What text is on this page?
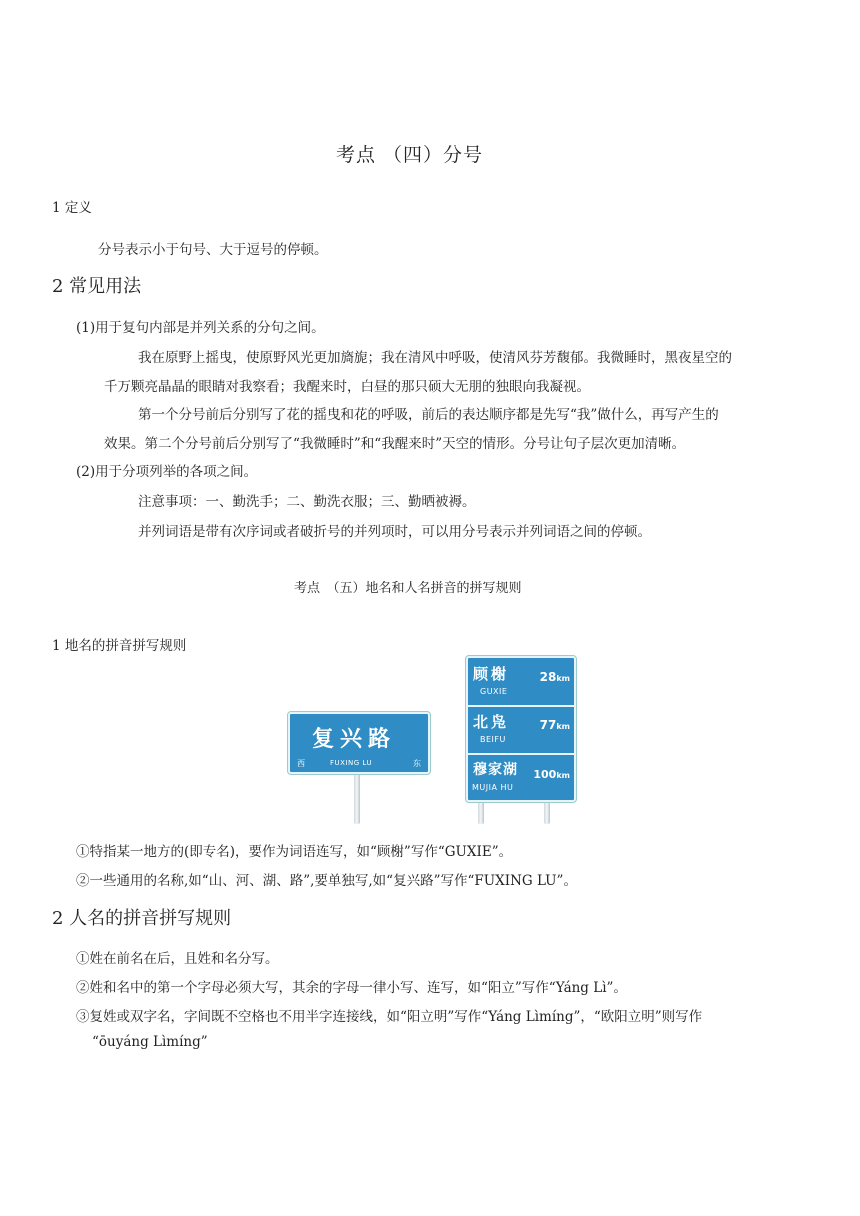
考点 （四）分号
1 定义
分号表示小于句号、大于逗号的停顿。
2 常见用法
(1)用于复句内部是并列关系的分句之间。
我在原野上摇曳，使原野风光更加旖旎；我在清风中呼吸，使清风芬芳馥郁。我微睡时，黑夜星空的
千万颗亮晶晶的眼睛对我察看；我醒来时，白昼的那只硕大无朋的独眼向我凝视。
第一个分号前后分别写了花的摇曳和花的呼吸，前后的表达顺序都是先写“我”做什么，再写产生的
效果。第二个分号前后分别写了“我微睡时”和“我醒来时”天空的情形。分号让句子层次更加清晰。
(2)用于分项列举的各项之间。
注意事项：一、勤洗手；二、勤洗衣服；三、勤晒被褥。
并列词语是带有次序词或者破折号的并列项时，可以用分号表示并列词语之间的停顿。
考点　（五）地名和人名拼音的拼写规则
1 地名的拼音拼写规则
复兴路
西	FUXING LU	东
顾榭
GUXIE
28km
北凫
BEIFU
77km
穆家湖
MUJIA HU
100km
①特指某一地方的(即专名)，要作为词语连写，如“顾榭”写作“GUXIE”。
②一些通用的名称,如“山、河、湖、路”,要单独写,如“复兴路”写作“FUXING LU”。
2 人名的拼音拼写规则
①姓在前名在后，且姓和名分写。
②姓和名中的第一个字母必须大写，其余的字母一律小写、连写，如“阳立”写作“Yáng Lì”。
③复姓或双字名，字间既不空格也不用半字连接线，如“阳立明”写作“Yáng Lìmíng”，“欧阳立明”则写作
“ōuyáng Lìmíng”
